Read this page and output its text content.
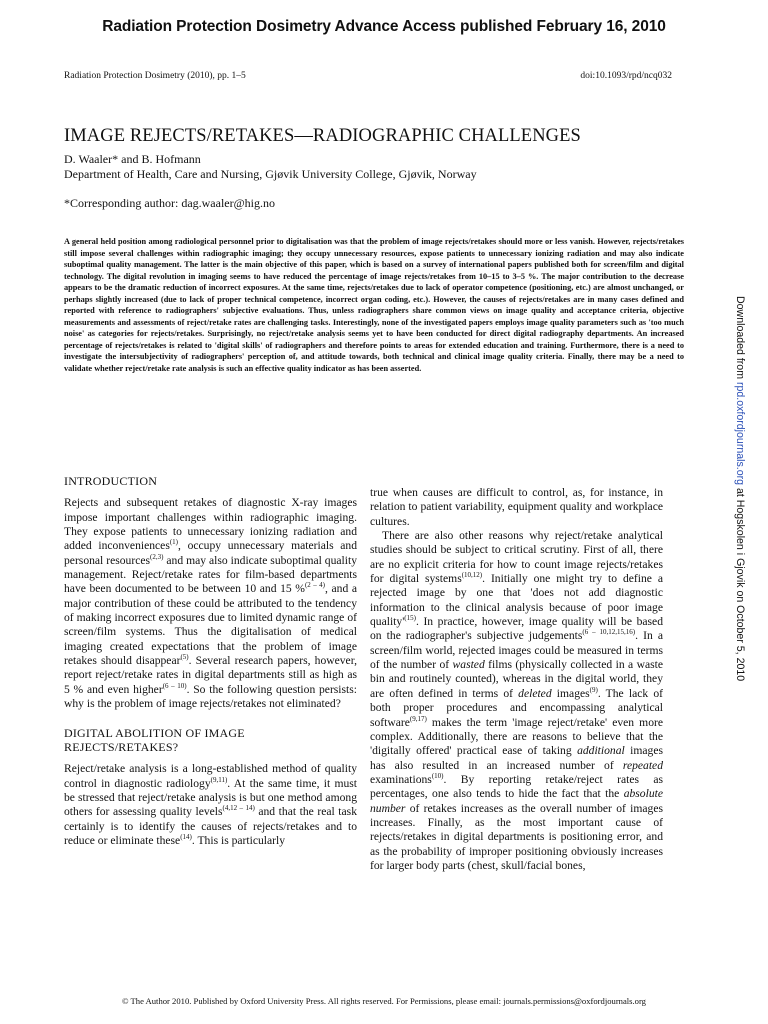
Radiation Protection Dosimetry Advance Access published February 16, 2010
Radiation Protection Dosimetry (2010), pp. 1–5	doi:10.1093/rpd/ncq032
IMAGE REJECTS/RETAKES—RADIOGRAPHIC CHALLENGES
D. Waaler* and B. Hofmann
Department of Health, Care and Nursing, Gjøvik University College, Gjøvik, Norway
*Corresponding author: dag.waaler@hig.no
A general held position among radiological personnel prior to digitalisation was that the problem of image rejects/retakes should more or less vanish. However, rejects/retakes still impose several challenges within radiographic imaging; they occupy unnecessary resources, expose patients to unnecessary ionizing radiation and may also indicate suboptimal quality management. The latter is the main objective of this paper, which is based on a survey of international papers published both for screen/film and digital technology. The digital revolution in imaging seems to have reduced the percentage of image rejects/retakes from 10–15 to 3–5 %. The major contribution to the decrease appears to be the dramatic reduction of incorrect exposures. At the same time, rejects/retakes due to lack of operator competence (positioning, etc.) are almost unchanged, or perhaps slightly increased (due to lack of proper technical competence, incorrect organ coding, etc.). However, the causes of rejects/retakes are in many cases defined and reported with reference to radiographers' subjective evaluations. Thus, unless radiographers share common views on image quality and acceptance criteria, objective measurements and assessments of reject/retake rates are challenging tasks. Interestingly, none of the investigated papers employs image quality parameters such as 'too much noise' as categories for rejects/retakes. Surprisingly, no reject/retake analysis seems yet to have been conducted for direct digital radiography departments. An increased percentage of rejects/retakes is related to 'digital skills' of radiographers and therefore points to areas for extended education and training. Furthermore, there is a need to investigate the intersubjectivity of radiographers' perception of, and attitude towards, both technical and clinical image quality criteria. Finally, there may be a need to validate whether reject/retake rate analysis is such an effective quality indicator as has been asserted.
INTRODUCTION

Rejects and subsequent retakes of diagnostic X-ray images impose important challenges within radiographic imaging. They expose patients to unnecessary ionizing radiation and added inconveniences$^{(1)}$, occupy unnecessary materials and personal resources$^{(2,3)}$ and may also indicate suboptimal quality management. Reject/retake rates for film-based departments have been documented to be between 10 and 15 %$^{(2 - 4)}$, and a major contribution of these could be attributed to the tendency of making incorrect exposures due to limited dynamic range of screen/film systems. Thus the digitalisation of medical imaging created expectations that the problem of image retakes should disappear$^{(5)}$. Several research papers, however, report reject/retake rates in digital departments still as high as 5 % and even higher$^{(6 - 10)}$. So the following question persists: why is the problem of image rejects/retakes not eliminated?

DIGITAL ABOLITION OF IMAGE
REJECTS/RETAKES?

Reject/retake analysis is a long-established method of quality control in diagnostic radiology$^{(9,11)}$. At the same time, it must be stressed that reject/retake analysis is but one method among others for assessing quality levels$^{(4,12 - 14)}$ and that the real task certainly is to identify the causes of rejects/retakes and to reduce or eliminate these$^{(14)}$. This is particularly

true when causes are difficult to control, as, for instance, in relation to patient variability, equipment quality and workplace cultures.

There are also other reasons why reject/retake analytical studies should be subject to critical scrutiny. First of all, there are no explicit criteria for how to count image rejects/retakes for digital systems$^{(10,12)}$. Initially one might try to define a rejected image by one that 'does not add diagnostic information to the clinical analysis because of poor image $quality'^{(15)}$. In practice, however, image quality will be based on the radiographer's subjective judgements$^{(6 - 10,12,15,16)}$. In a screen/film world, rejected images could be measured in terms of the number of wasted films (physically collected in a waste bin and routinely counted), whereas in the digital world, they are often defined in terms of deleted images$^{(9)}$. The lack of both proper procedures and encompassing analytical software$^{(9,17)}$ makes the term 'image reject/retake' even more complex. Additionally, there are reasons to believe that the 'digitally offered' practical ease of taking additional images has also resulted in an increased number of repeated examinations$^{(10)}$. By reporting retake/reject rates as percentages, one also tends to hide the fact that the absolute number of retakes increases as the overall number of images increases. Finally, as the most important cause of rejects/retakes in digital departments is positioning error, and as the probability of improper positioning obviously increases for larger body parts (chest, skull/facial bones,

Downloaded from rpd.oxfordjournals.org at Hogskolen i Gjovik on October 5, 2010
© The Author 2010. Published by Oxford University Press. All rights reserved. For Permissions, please email: journals.permissions@oxfordjournals.org
